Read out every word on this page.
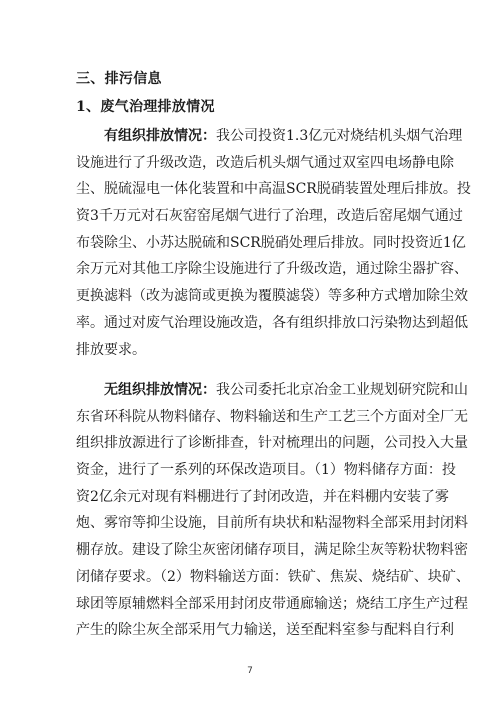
三、排污信息
1、废气治理排放情况
有组织排放情况：我公司投资1.3亿元对烧结机头烟气治理
设施进行了升级改造，改造后机头烟气通过双室四电场静电除
尘、脱硫湿电一体化装置和中高温SCR脱硝装置处理后排放。投
资3千万元对石灰窑窑尾烟气进行了治理，改造后窑尾烟气通过
布袋除尘、小苏达脱硫和SCR脱硝处理后排放。同时投资近1亿
余万元对其他工序除尘设施进行了升级改造，通过除尘器扩容、
更换滤料（改为滤筒或更换为覆膜滤袋）等多种方式增加除尘效
率。通过对废气治理设施改造，各有组织排放口污染物达到超低
排放要求。
无组织排放情况：我公司委托北京冶金工业规划研究院和山
东省环科院从物料储存、物料输送和生产工艺三个方面对全厂无
组织排放源进行了诊断排查，针对梳理出的问题，公司投入大量
资金，进行了一系列的环保改造项目。（1）物料储存方面：投
资2亿余元对现有料棚进行了封闭改造，并在料棚内安装了雾
炮、雾帘等抑尘设施，目前所有块状和粘湿物料全部采用封闭料
棚存放。建设了除尘灰密闭储存项目，满足除尘灰等粉状物料密
闭储存要求。（2）物料输送方面：铁矿、焦炭、烧结矿、块矿、
球团等原辅燃料全部采用封闭皮带通廊输送；烧结工序生产过程
产生的除尘灰全部采用气力输送，送至配料室参与配料自行利
7
